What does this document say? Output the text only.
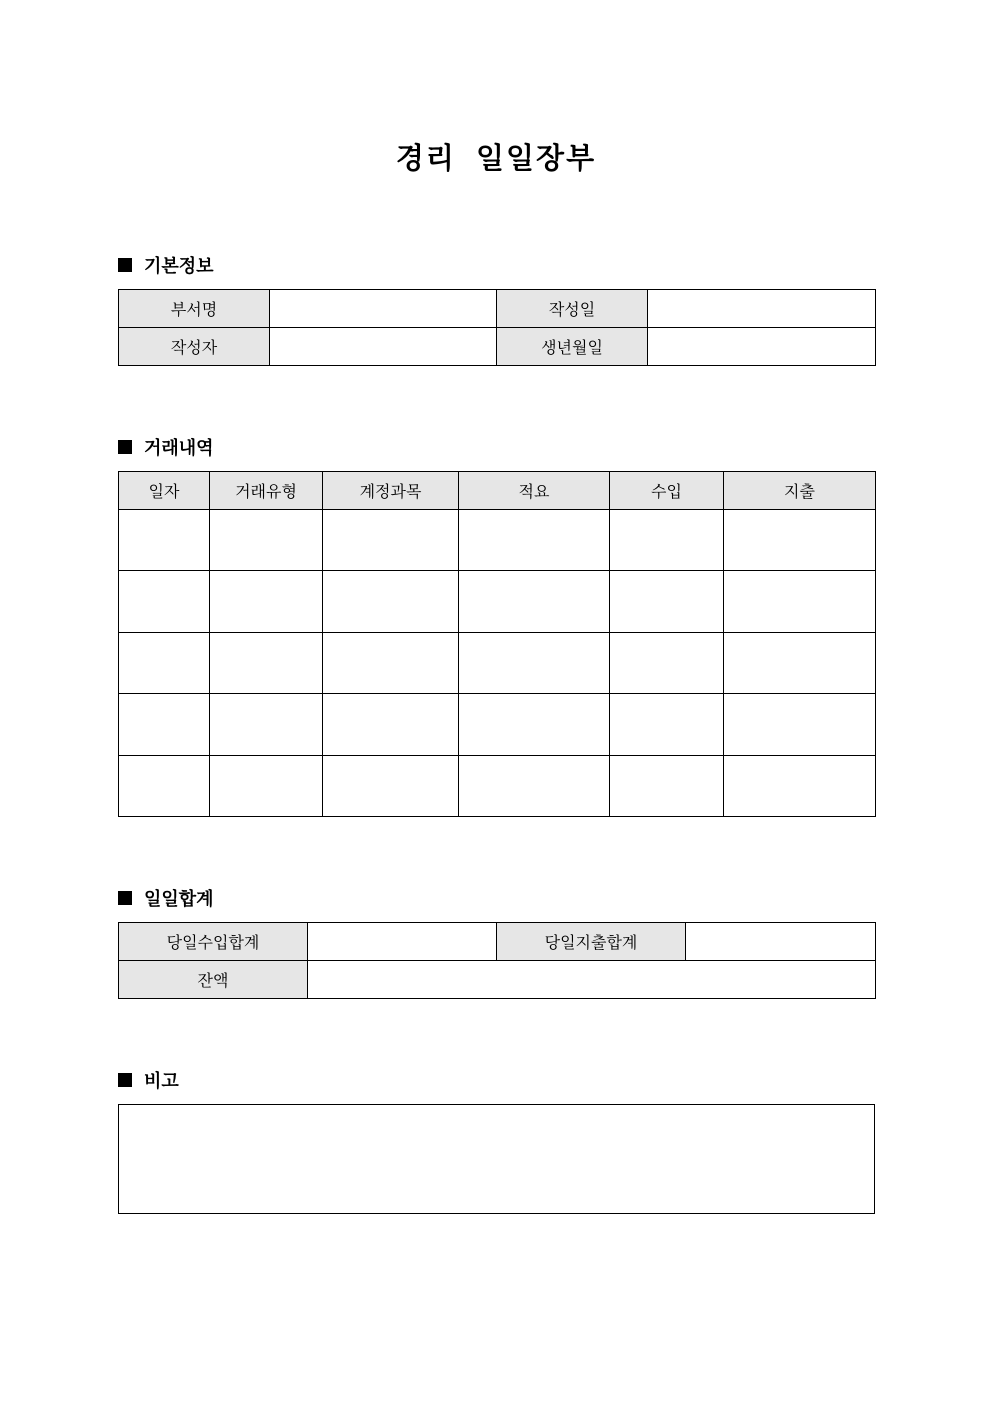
경리 일일장부
기본정보
부서명		작성일	
작성자		생년월일	
거래내역
일자	거래유형	계정과목	적요	수입	지출

일일합계
당일수입합계		당일지출합계	
잔액			
비고
